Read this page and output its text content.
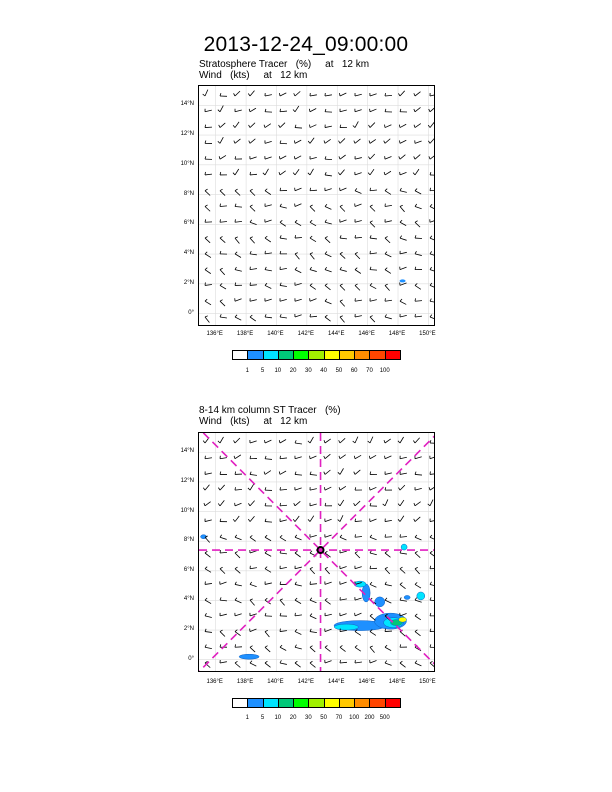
2013-12-24_09:00:00
Stratosphere Tracer   (%)     at   12 km
Wind   (kts)     at   12 km
14°N
12°N
10°N
8°N
6°N
4°N
2°N
0°
136°E 138°E 140°E 142°E 144°E 146°E 148°E 150°E
1 5 10 20 30 40 50 60 70 100
8-14 km column ST Tracer   (%)
Wind   (kts)     at   12 km
14°N
12°N
10°N
8°N
6°N
4°N
2°N
0°
136°E 138°E 140°E 142°E 144°E 146°E 148°E 150°E
1 5 10 20 30 50 70 100 200 500
